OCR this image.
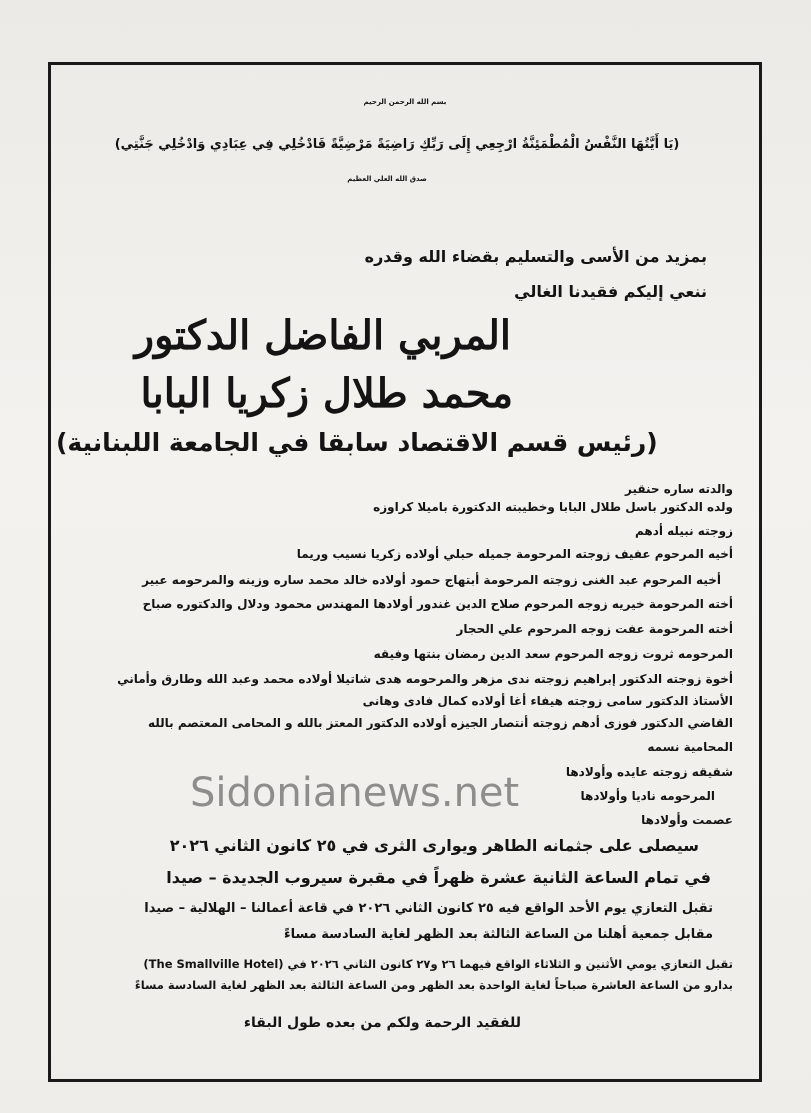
بسم الله الرحمن الرحيم
(يَا أَيَّتُهَا النَّفْسُ الْمُطْمَئِنَّةُ ارْجِعِي إِلَى رَبِّكِ رَاضِيَةً مَرْضِيَّةً فَادْخُلِي فِي عِبَادِي وَادْخُلِي جَنَّتِي)
صدق الله العلي العظيم
بمزيد من الأسى والتسليم بقضاء الله وقدره
ننعي إليكم فقيدنا الغالي
المربي الفاضل الدكتور
محمد طلال زكريا البابا
(رئيس قسم الاقتصاد سابقا في الجامعة اللبنانية)
والدته ساره حنقير
ولده الدكتور باسل طلال البابا وخطيبته الدكتورة باميلا كراوزه
زوجته نبيله أدهم
أخيه المرحوم عفيف زوجته المرحومة جميله حبلي أولاده زكريا نسيب وريما
أخيه المرحوم عبد الغنى زوجته المرحومة أبتهاج حمود أولاده خالد محمد ساره وزينه والمرحومه عبير
أخته المرحومة خيريه زوجه المرحوم صلاح الدين غندور أولادها المهندس محمود ودلال والدكتوره صباح
أخته المرحومة عفت زوجه المرحوم علي الحجار
المرحومه ثروت زوجه المرحوم سعد الدين رمضان بنتها وفيقه
أخوة زوجته الدكتور إبراهيم زوجته ندى مزهر والمرحومه هدى شاتيلا أولاده محمد وعبد الله وطارق وأماني
الأستاذ الدكتور سامى زوجته هيفاء أغا أولاده كمال فادى وهانى
القاضي الدكتور فوزى أدهم زوجته أنتصار الجيزه أولاده الدكتور المعتز بالله و المحامى المعتصم بالله
المحامية نسمه
شقيقه زوجته عايده وأولادها
المرحومه ناديا وأولادها
عصمت وأولادها
Sidonianews.net
سيصلى على جثمانه الطاهر ويوارى الثرى في ٢٥ كانون الثاني ٢٠٢٦
في تمام الساعة الثانية عشرة ظهراً في مقبرة سيروب الجديدة – صيدا
تقبل التعازي يوم الأحد الواقع فيه ٢٥ كانون الثاني ٢٠٢٦ في قاعة أعمالنا – الهلالية – صيدا
مقابل جمعية أهلنا من الساعة الثالثة بعد الظهر لغاية السادسة مساءً
تقبل التعازي يومي الأثنين و الثلاثاء الواقع فيهما ٢٦ و٢٧ كانون الثاني ٢٠٢٦ في (The Smallville Hotel)
بدارو من الساعة العاشرة صباحاً لغاية الواحدة بعد الظهر ومن الساعة الثالثة بعد الظهر لغاية السادسة مساءً
للفقيد الرحمة ولكم من بعده طول البقاء
